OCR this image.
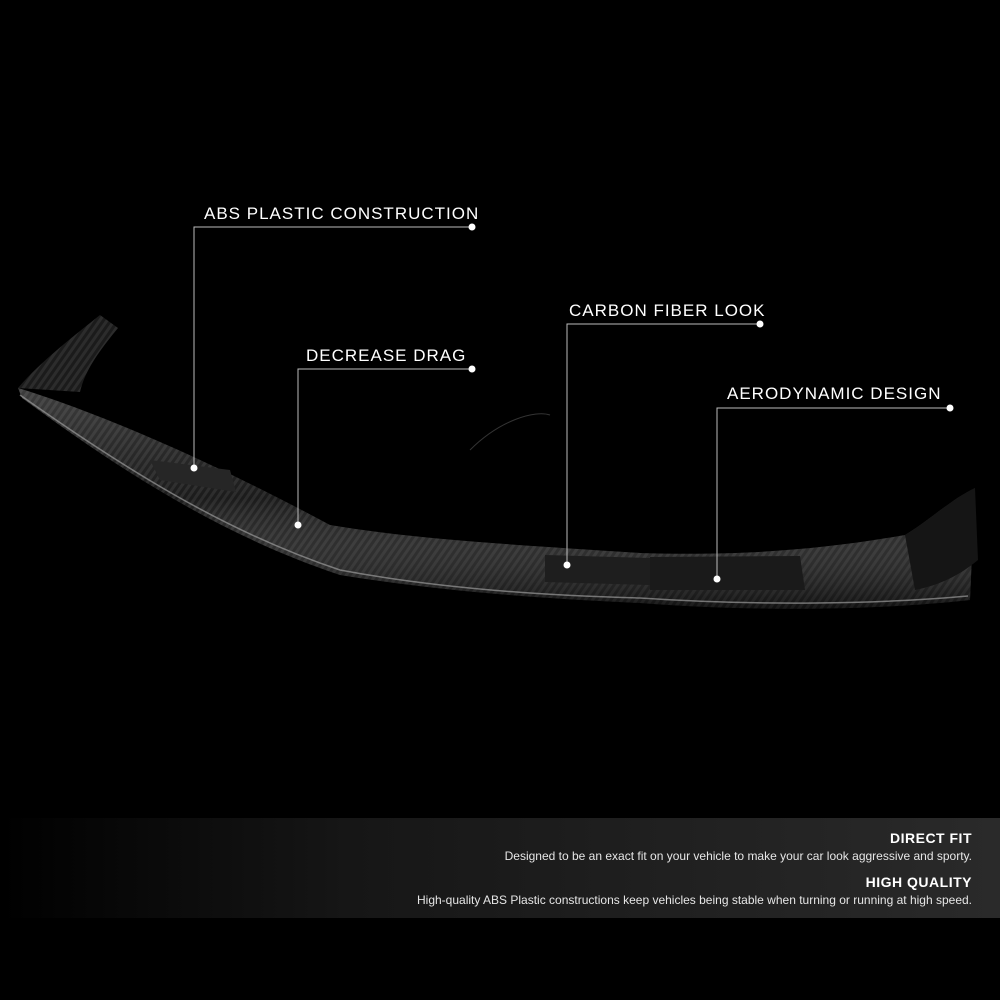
ABS PLASTIC CONSTRUCTION
DECREASE DRAG
CARBON FIBER LOOK
AERODYNAMIC DESIGN
DIRECT FIT
Designed to be an exact fit on your vehicle to make your car look aggressive and sporty.
HIGH QUALITY
High-quality ABS Plastic constructions keep vehicles being stable when turning or running at high speed.
